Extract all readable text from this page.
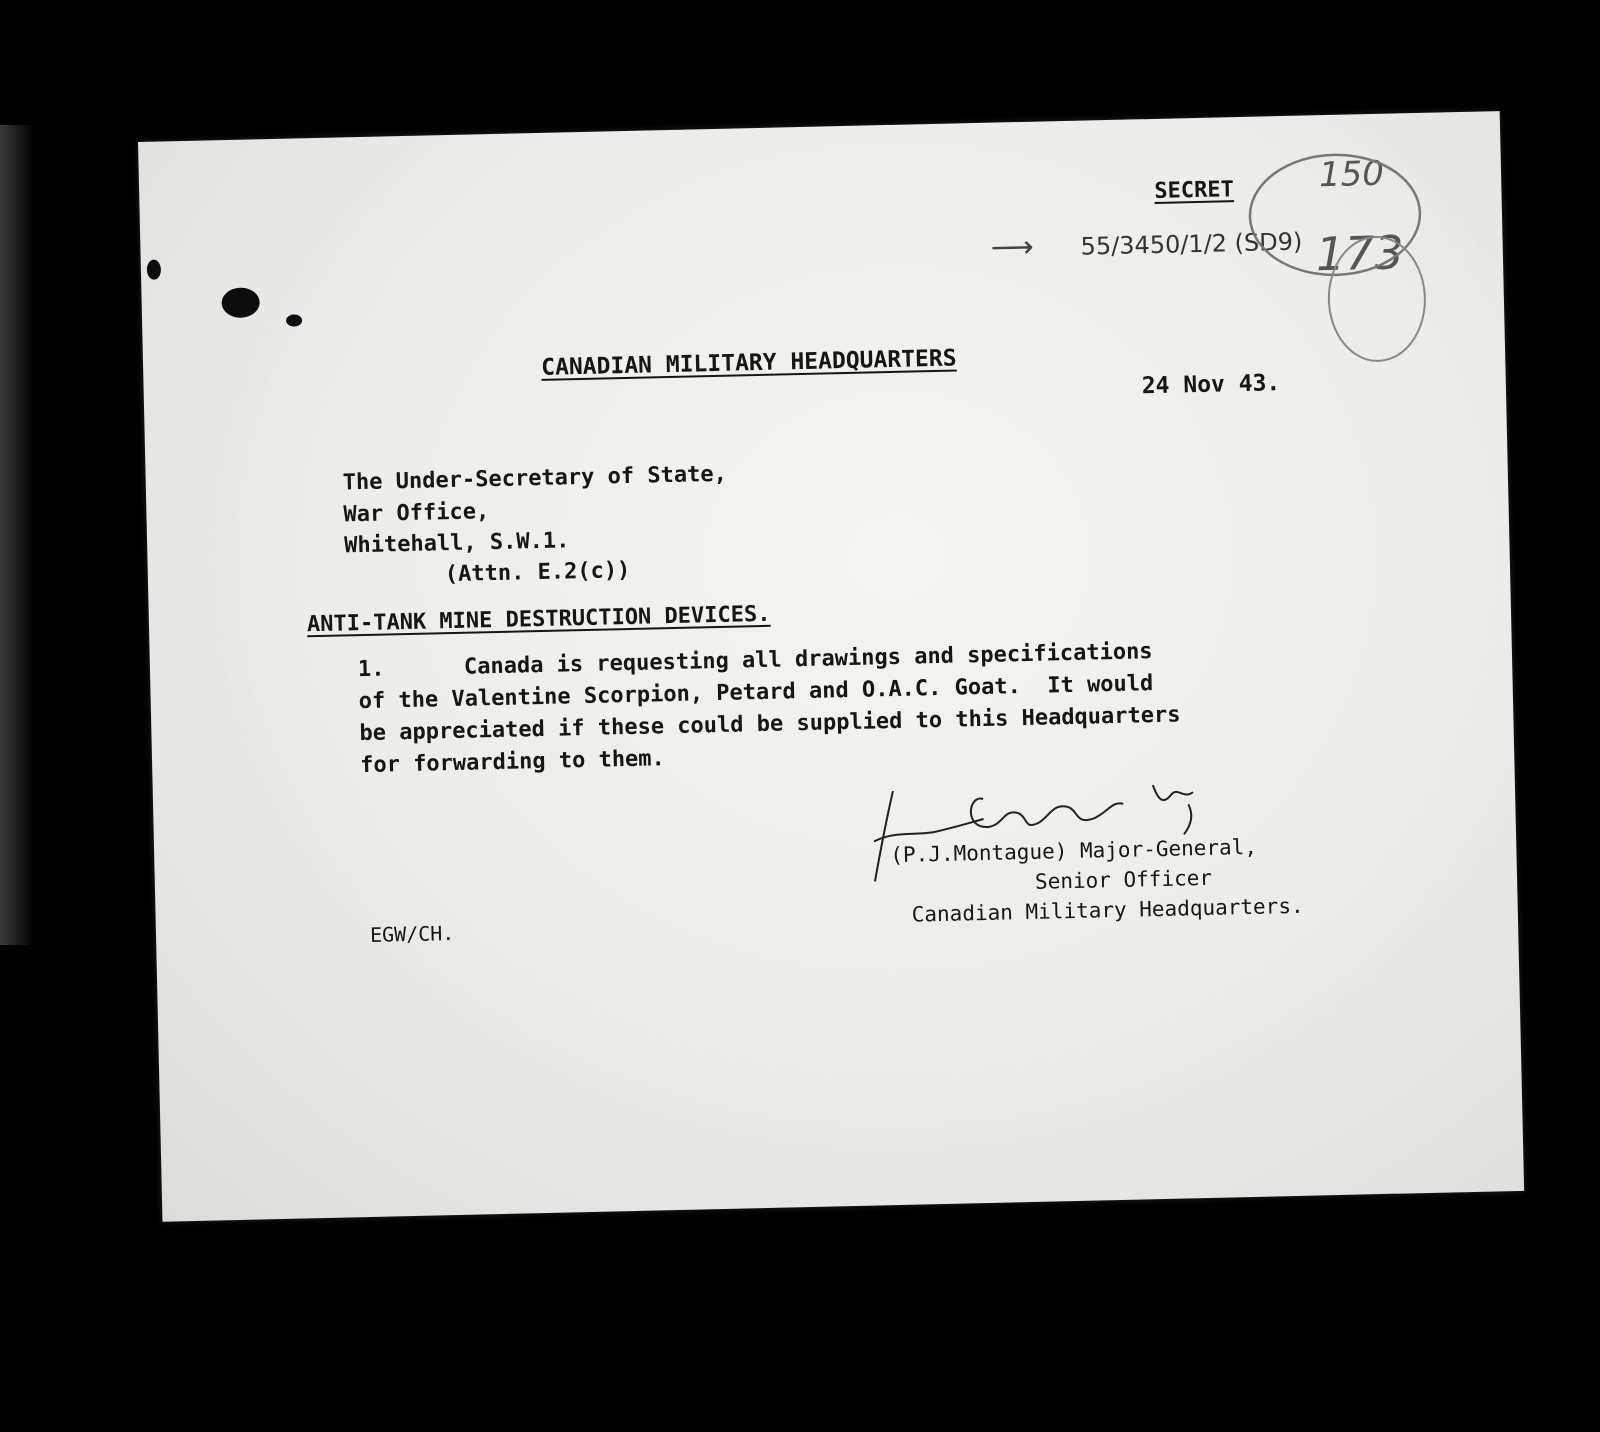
SECRET
⟶ 55/3450/1/2 (SD9)
150
173
CANADIAN MILITARY HEADQUARTERS
24 Nov 43.
The Under-Secretary of State,
War Office,
Whitehall, S.W.1.
(Attn. E.2(c))
ANTI-TANK MINE DESTRUCTION DEVICES.
1.      Canada is requesting all drawings and specifications
of the Valentine Scorpion, Petard and O.A.C. Goat.  It would
be appreciated if these could be supplied to this Headquarters
for forwarding to them.
(P.J.Montague) Major-General,
Senior Officer
Canadian Military Headquarters.
EGW/CH.
